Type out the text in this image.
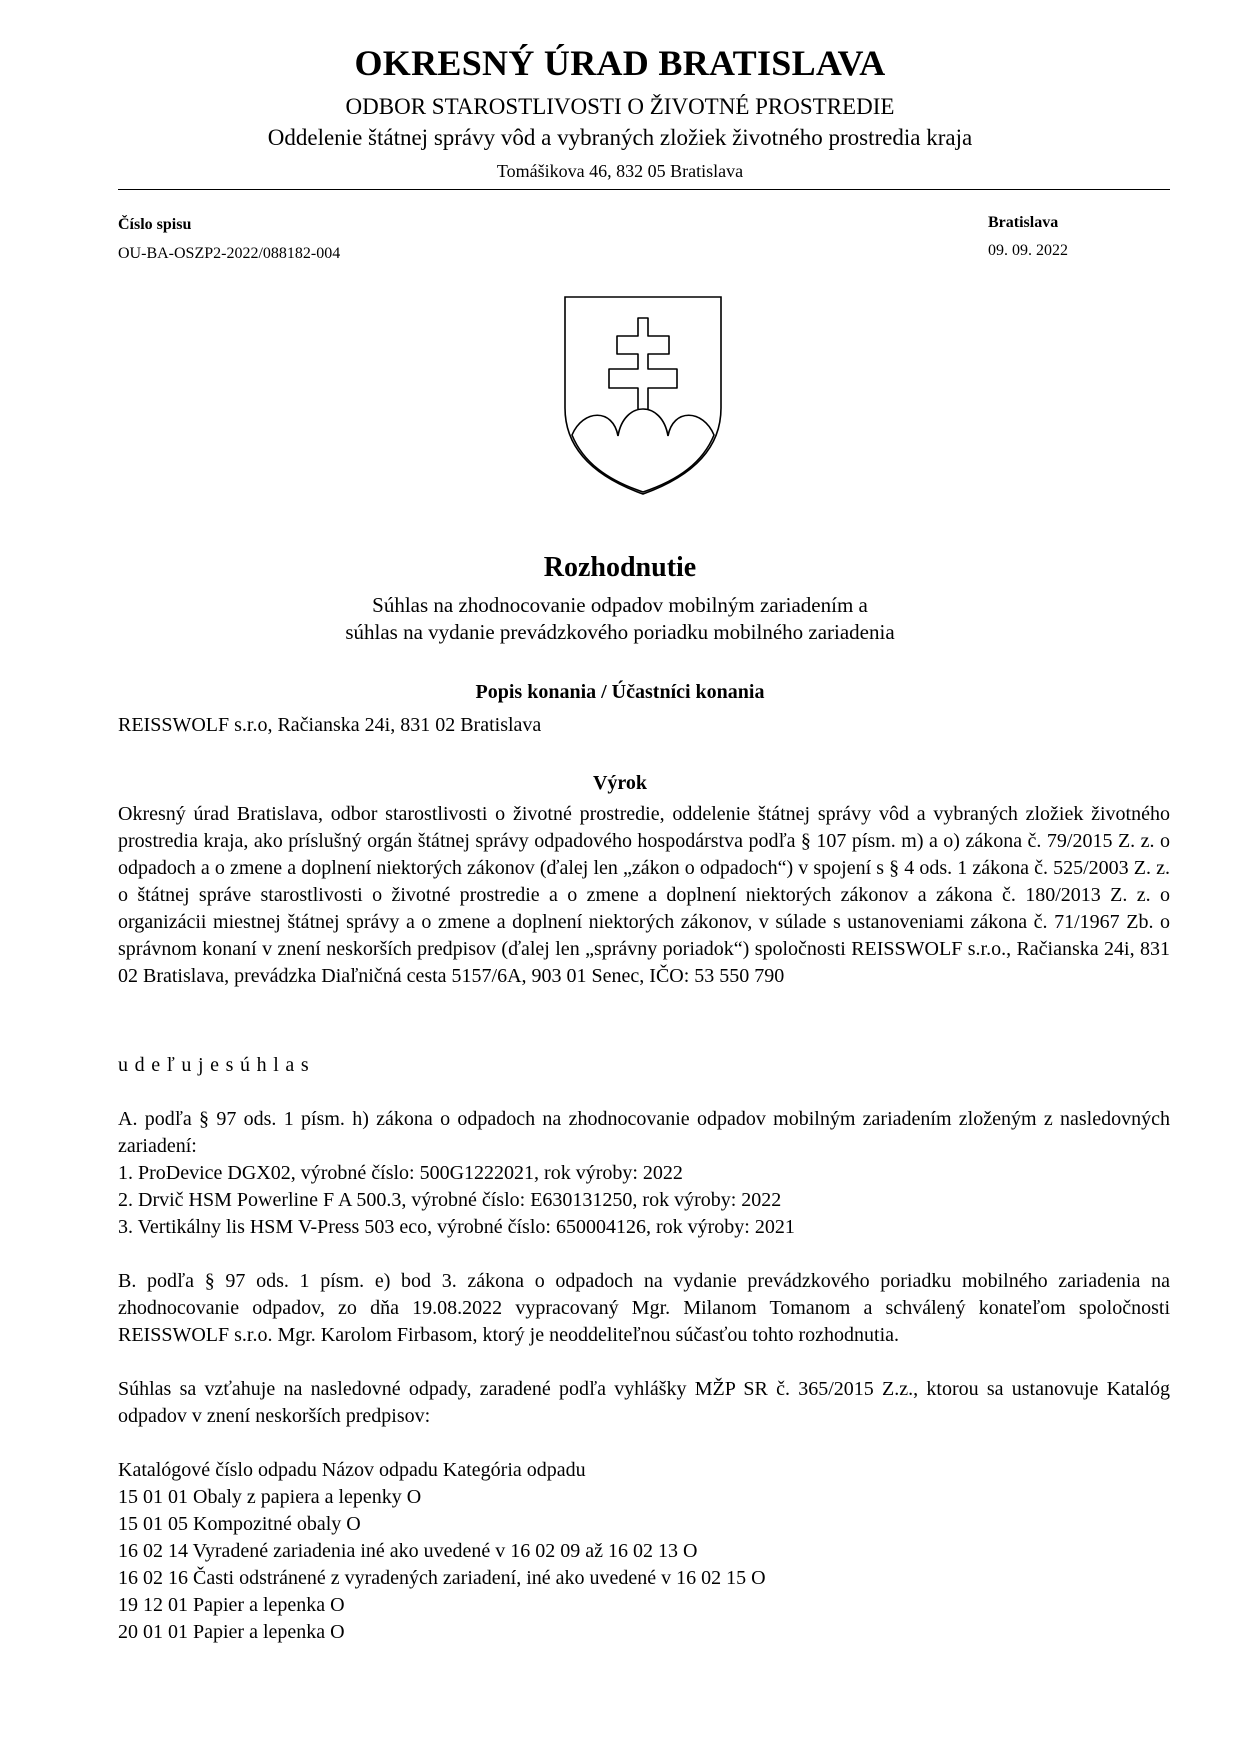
OKRESNÝ ÚRAD BRATISLAVA
ODBOR STAROSTLIVOSTI O ŽIVOTNÉ PROSTREDIE
Oddelenie štátnej správy vôd a vybraných zložiek životného prostredia kraja
Tomášikova 46, 832 05 Bratislava
Číslo spisu
OU-BA-OSZP2-2022/088182-004
Bratislava
09. 09. 2022
Rozhodnutie
Súhlas na zhodnocovanie odpadov mobilným zariadením a
súhlas na vydanie prevádzkového poriadku mobilného zariadenia
Popis konania / Účastníci konania
REISSWOLF s.r.o, Račianska 24i, 831 02 Bratislava
Výrok
Okresný úrad Bratislava, odbor starostlivosti o životné prostredie, oddelenie štátnej správy vôd a vybraných zložiek životného prostredia kraja, ako príslušný orgán štátnej správy odpadového hospodárstva podľa § 107 písm. m) a o) zákona č. 79/2015 Z. z. o odpadoch a o zmene a doplnení niektorých zákonov (ďalej len „zákon o odpadoch“) v spojení s § 4 ods. 1 zákona č. 525/2003 Z. z. o štátnej správe starostlivosti o životné prostredie a o zmene a doplnení niektorých zákonov a zákona č. 180/2013 Z. z. o organizácii miestnej štátnej správy a o zmene a doplnení niektorých zákonov, v súlade s ustanoveniami zákona č. 71/1967 Zb. o správnom konaní v znení neskorších predpisov (ďalej len „správny poriadok“) spoločnosti REISSWOLF s.r.o., Račianska 24i, 831 02 Bratislava, prevádzka Diaľničná cesta 5157/6A, 903 01 Senec, IČO: 53 550 790
udeľujesúhlas
A. podľa § 97 ods. 1 písm. h) zákona o odpadoch na zhodnocovanie odpadov mobilným zariadením zloženým z nasledovných zariadení:
1. ProDevice DGX02, výrobné číslo: 500G1222021, rok výroby: 2022
2. Drvič HSM Powerline F A 500.3, výrobné číslo: E630131250, rok výroby: 2022
3. Vertikálny lis HSM V-Press 503 eco, výrobné číslo: 650004126, rok výroby: 2021
B. podľa § 97 ods. 1 písm. e) bod 3. zákona o odpadoch na vydanie prevádzkového poriadku mobilného zariadenia na zhodnocovanie odpadov, zo dňa 19.08.2022 vypracovaný Mgr. Milanom Tomanom a schválený konateľom spoločnosti REISSWOLF s.r.o. Mgr. Karolom Firbasom, ktorý je neoddeliteľnou súčasťou tohto rozhodnutia.
Súhlas sa vzťahuje na nasledovné odpady, zaradené podľa vyhlášky MŽP SR č. 365/2015 Z.z., ktorou sa ustanovuje Katalóg odpadov v znení neskorších predpisov:
Katalógové číslo odpadu Názov odpadu Kategória odpadu
15 01 01 Obaly z papiera a lepenky O
15 01 05 Kompozitné obaly O
16 02 14 Vyradené zariadenia iné ako uvedené v 16 02 09 až 16 02 13 O
16 02 16 Časti odstránené z vyradených zariadení, iné ako uvedené v 16 02 15 O
19 12 01 Papier a lepenka O
20 01 01 Papier a lepenka O
